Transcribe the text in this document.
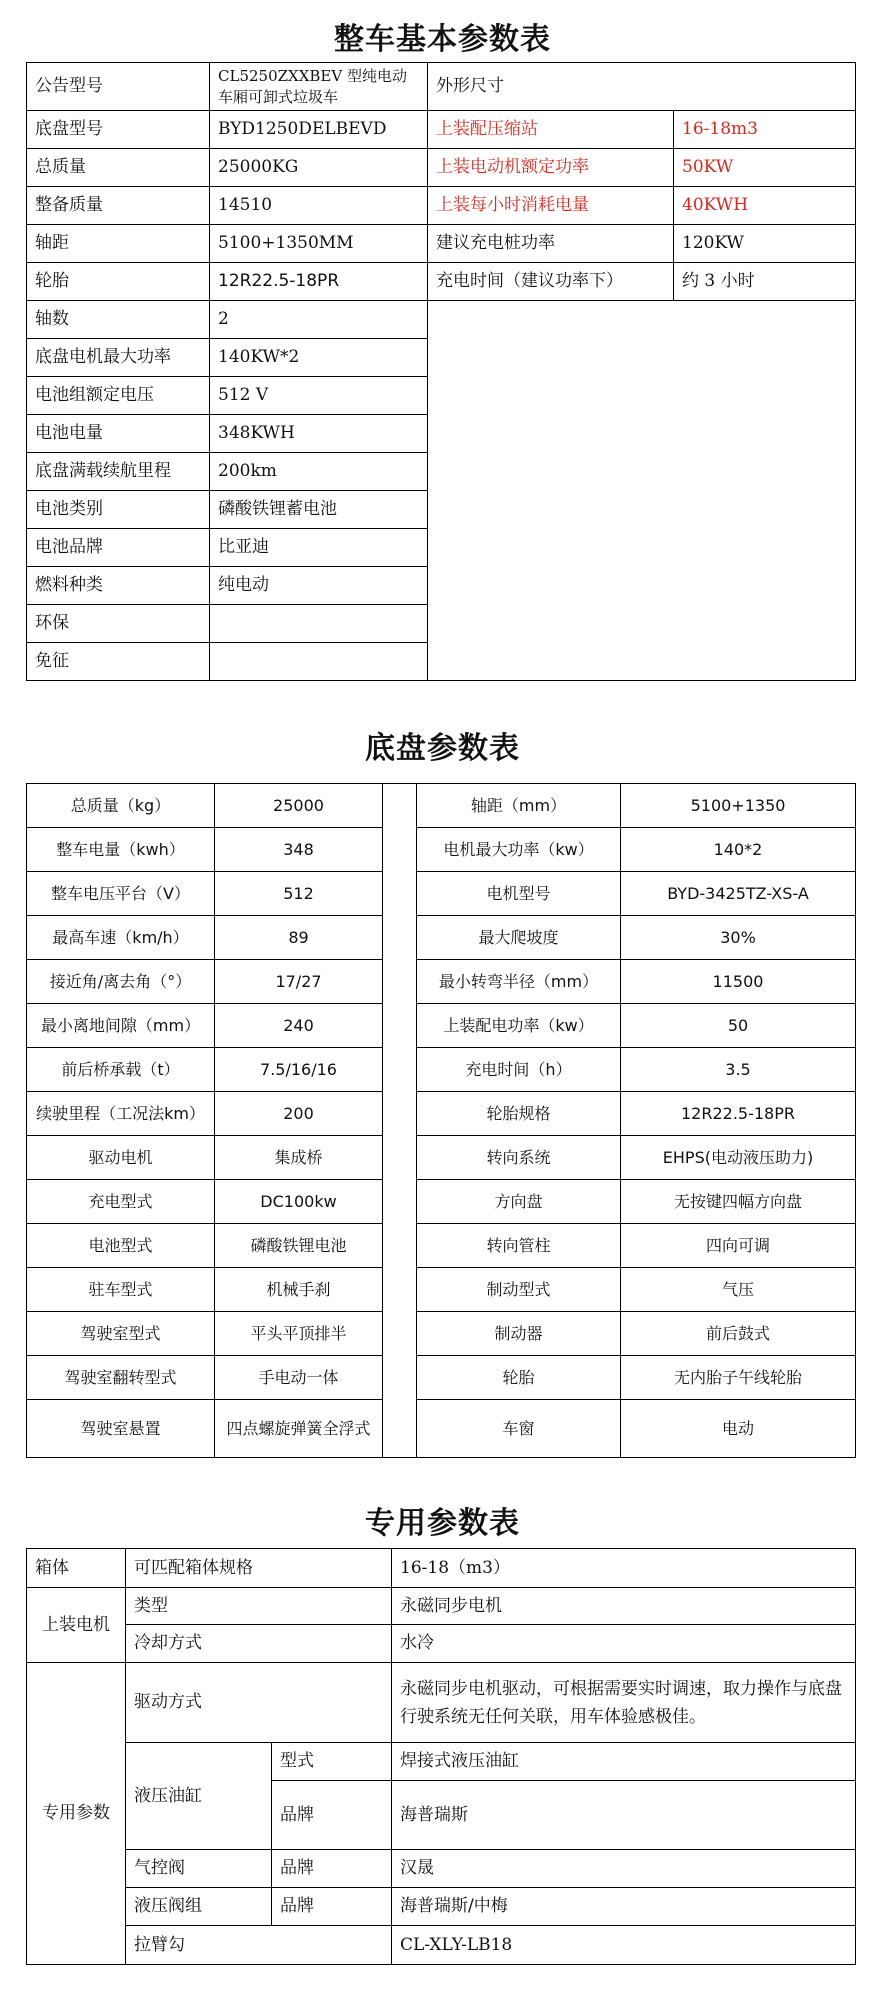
整车基本参数表
公告型号	CL5250ZXXBEV 型纯电动车厢可卸式垃圾车	外形尺寸	
底盘型号	BYD1250DELBEVD	上装配压缩站	16-18m3
总质量	25000KG	上装电动机额定功率	50KW
整备质量	14510	上装每小时消耗电量	40KWH
轴距	5100+1350MM	建议充电桩功率	120KW
轮胎	12R22.5-18PR	充电时间（建议功率下）	约 3 小时
轴数	2		
底盘电机最大功率	140KW*2		
电池组额定电压	512 V		
电池电量	348KWH		
底盘满载续航里程	200km		
电池类别	磷酸铁锂蓄电池		
电池品牌	比亚迪		
燃料种类	纯电动		
环保			
免征			
底盘参数表
总质量（kg）	25000		轴距（mm）	5100+1350
整车电量（kwh）	348		电机最大功率（kw）	140*2
整车电压平台（V）	512		电机型号	BYD-3425TZ-XS-A
最高车速（km/h）	89		最大爬坡度	30%
接近角/离去角（°）	17/27		最小转弯半径（mm）	11500
最小离地间隙（mm）	240		上装配电功率（kw）	50
前后桥承载（t）	7.5/16/16		充电时间（h）	3.5
续驶里程（工况法km）	200		轮胎规格	12R22.5-18PR
驱动电机	集成桥		转向系统	EHPS(电动液压助力)
充电型式	DC100kw		方向盘	无按键四幅方向盘
电池型式	磷酸铁锂电池		转向管柱	四向可调
驻车型式	机械手刹		制动型式	气压
驾驶室型式	平头平顶排半		制动器	前后鼓式
驾驶室翻转型式	手电动一体		轮胎	无内胎子午线轮胎
驾驶室悬置	四点螺旋弹簧全浮式		车窗	电动
专用参数表
箱体	可匹配箱体规格		16-18（m3）
上装电机	类型		永磁同步电机
	冷却方式		水冷
专用参数	驱动方式		永磁同步电机驱动，可根据需要实时调速，取力操作与底盘行驶系统无任何关联，用车体验感极佳。
	液压油缸	型式	焊接式液压油缸
		品牌	海普瑞斯
	气控阀	品牌	汉晟
	液压阀组	品牌	海普瑞斯/中梅
	拉臂勾		CL-XLY-LB18
